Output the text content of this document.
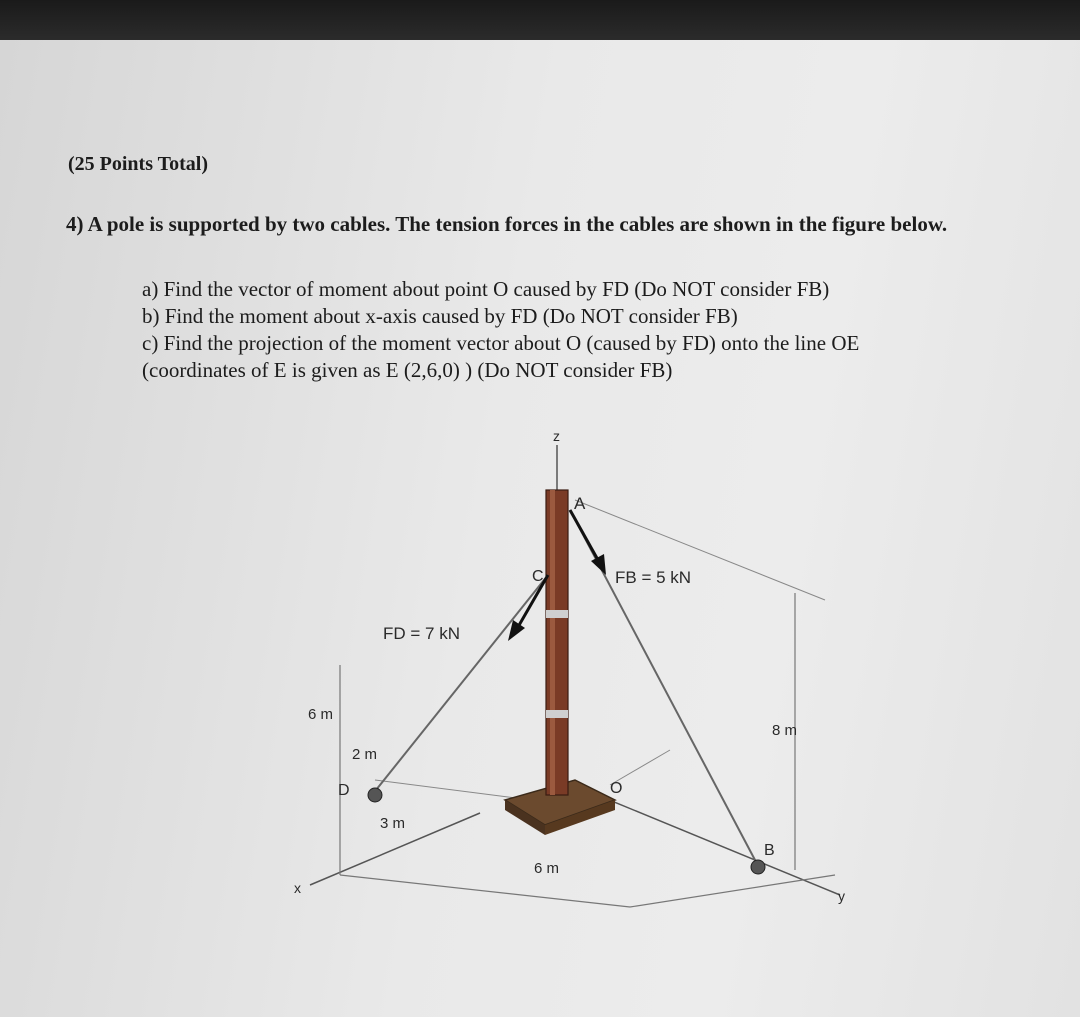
(25 Points Total)
4) A pole is supported by two cables. The tension forces in the cables are shown in the figure below.
a) Find the vector of moment about point O caused by FD (Do NOT consider FB)
b) Find the moment about x-axis caused by FD (Do NOT consider FB)
c) Find the projection of the moment vector about O (caused by FD) onto the line OE
(coordinates of E is given as E (2,6,0) ) (Do NOT consider FB)
z
x	y
A
C
D	O
B
FD = 7 kN
FB = 5 kN
6 m
2 m
3 m
6 m
8 m
